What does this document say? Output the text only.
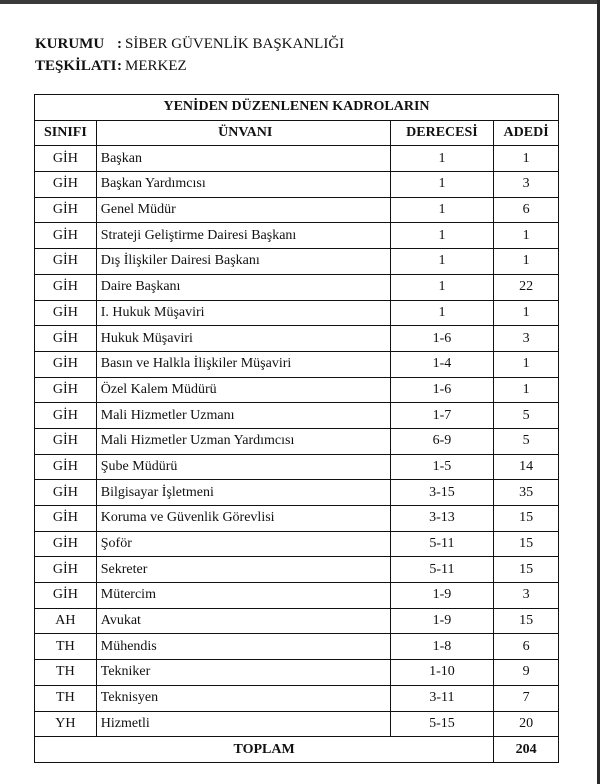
KURUMU : SİBER GÜVENLİK BAŞKANLIĞI
TEŞKİLATI : MERKEZ
YENİDEN DÜZENLENEN KADROLARIN			
SINIFI	ÜNVANI	DERECESİ	ADEDİ
GİH	Başkan	1	1
GİH	Başkan Yardımcısı	1	3
GİH	Genel Müdür	1	6
GİH	Strateji Geliştirme Dairesi Başkanı	1	1
GİH	Dış İlişkiler Dairesi Başkanı	1	1
GİH	Daire Başkanı	1	22
GİH	I. Hukuk Müşaviri	1	1
GİH	Hukuk Müşaviri	1-6	3
GİH	Basın ve Halkla İlişkiler Müşaviri	1-4	1
GİH	Özel Kalem Müdürü	1-6	1
GİH	Mali Hizmetler Uzmanı	1-7	5
GİH	Mali Hizmetler Uzman Yardımcısı	6-9	5
GİH	Şube Müdürü	1-5	14
GİH	Bilgisayar İşletmeni	3-15	35
GİH	Koruma ve Güvenlik Görevlisi	3-13	15
GİH	Şoför	5-11	15
GİH	Sekreter	5-11	15
GİH	Mütercim	1-9	3
AH	Avukat	1-9	15
TH	Mühendis	1-8	6
TH	Tekniker	1-10	9
TH	Teknisyen	3-11	7
YH	Hizmetli	5-15	20
TOPLAM			204
